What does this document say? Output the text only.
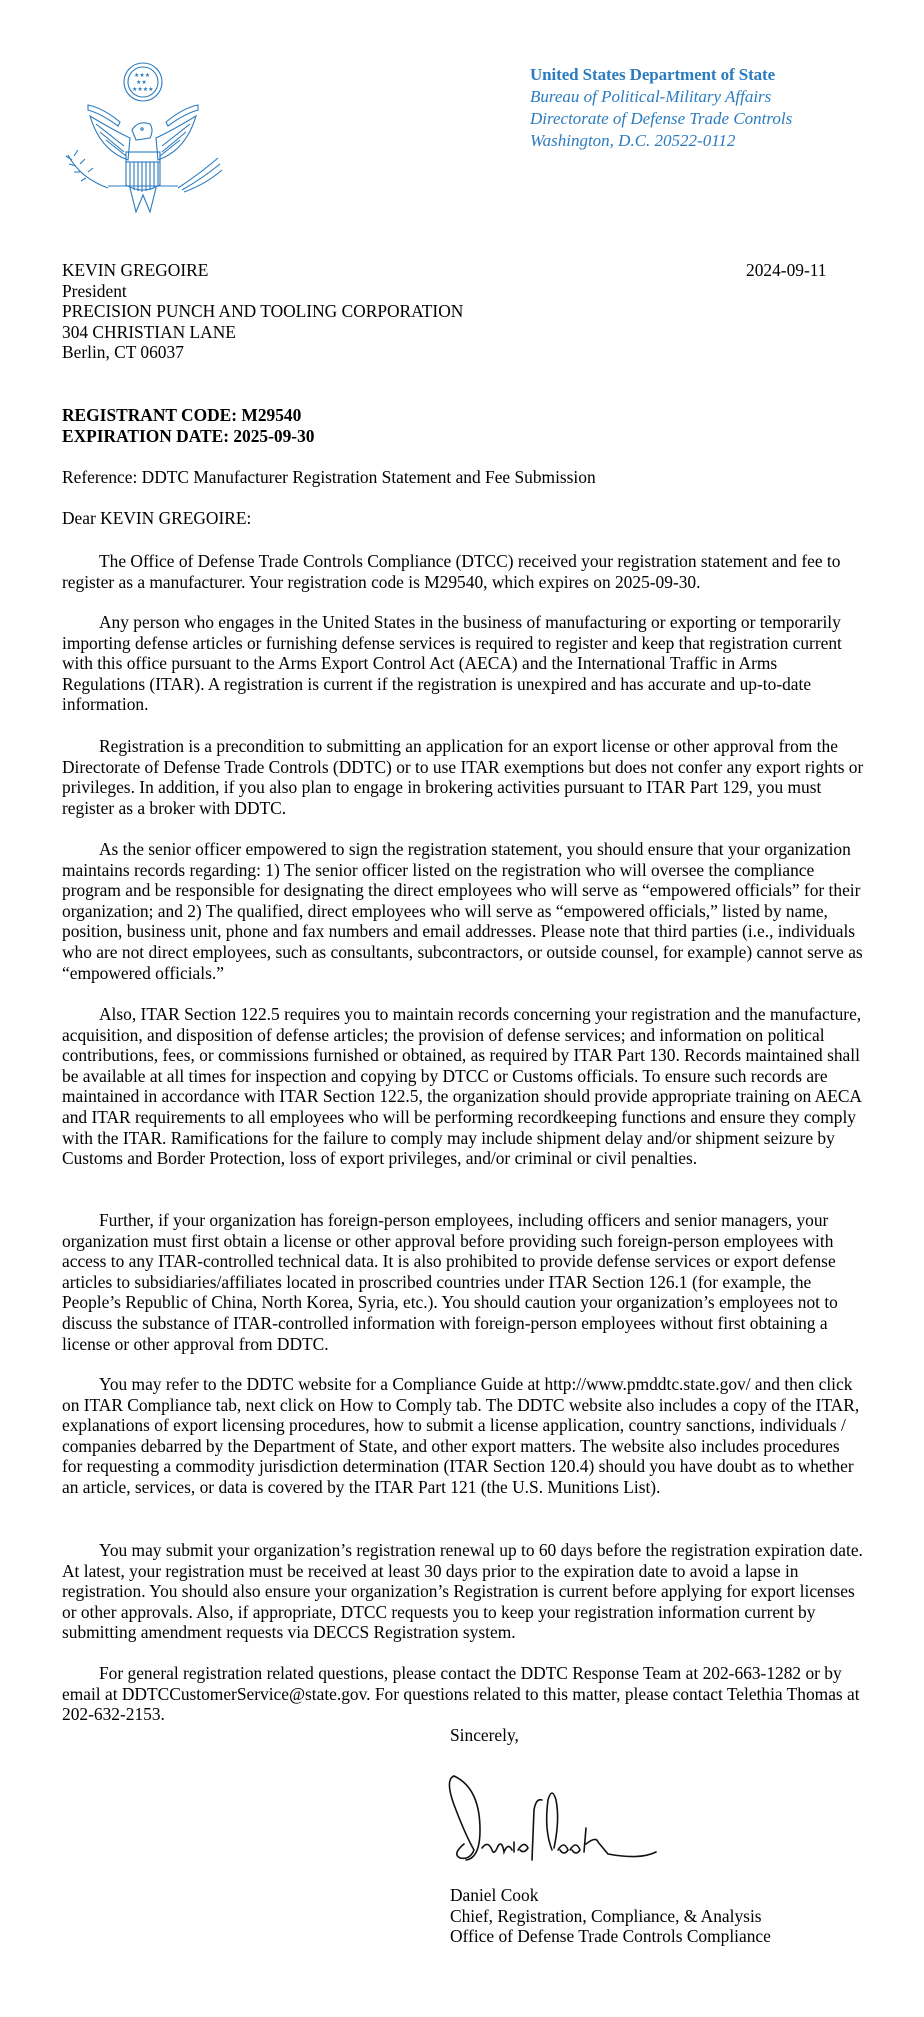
★★★
★★
★★★★
United States Department of State
Bureau of Political-Military Affairs
Directorate of Defense Trade Controls
Washington, D.C. 20522-0112
KEVIN GREGOIRE
President
PRECISION PUNCH AND TOOLING CORPORATION
304 CHRISTIAN LANE
Berlin, CT 06037
2024-09-11
REGISTRANT CODE: M29540
EXPIRATION DATE: 2025-09-30
Reference: DDTC Manufacturer Registration Statement and Fee Submission
Dear KEVIN GREGOIRE:

The Office of Defense Trade Controls Compliance (DTCC) received your registration statement and fee to register as a manufacturer. Your registration code is M29540, which expires on 2025-09-30.

Any person who engages in the United States in the business of manufacturing or exporting or temporarily importing defense articles or furnishing defense services is required to register and keep that registration current with this office pursuant to the Arms Export Control Act (AECA) and the International Traffic in Arms Regulations (ITAR). A registration is current if the registration is unexpired and has accurate and up-to-date information.

Registration is a precondition to submitting an application for an export license or other approval from the Directorate of Defense Trade Controls (DDTC) or to use ITAR exemptions but does not confer any export rights or privileges. In addition, if you also plan to engage in brokering activities pursuant to ITAR Part 129, you must register as a broker with DDTC.

As the senior officer empowered to sign the registration statement, you should ensure that your organization maintains records regarding: 1) The senior officer listed on the registration who will oversee the compliance program and be responsible for designating the direct employees who will serve as “empowered officials” for their organization; and 2) The qualified, direct employees who will serve as “empowered officials,” listed by name, position, business unit, phone and fax numbers and email addresses. Please note that third parties (i.e., individuals who are not direct employees, such as consultants, subcontractors, or outside counsel, for example) cannot serve as “empowered officials.”

Also, ITAR Section 122.5 requires you to maintain records concerning your registration and the manufacture, acquisition, and disposition of defense articles; the provision of defense services; and information on political contributions, fees, or commissions furnished or obtained, as required by ITAR Part 130. Records maintained shall be available at all times for inspection and copying by DTCC or Customs officials. To ensure such records are maintained in accordance with ITAR Section 122.5, the organization should provide appropriate training on AECA and ITAR requirements to all employees who will be performing recordkeeping functions and ensure they comply with the ITAR. Ramifications for the failure to comply may include shipment delay and/or shipment seizure by Customs and Border Protection, loss of export privileges, and/or criminal or civil penalties.

Further, if your organization has foreign-person employees, including officers and senior managers, your organization must first obtain a license or other approval before providing such foreign-person employees with access to any ITAR-controlled technical data. It is also prohibited to provide defense services or export defense articles to subsidiaries/affiliates located in proscribed countries under ITAR Section 126.1 (for example, the People’s Republic of China, North Korea, Syria, etc.). You should caution your organization’s employees not to discuss the substance of ITAR-controlled information with foreign-person employees without first obtaining a license or other approval from DDTC.

You may refer to the DDTC website for a Compliance Guide at http://www.pmddtc.state.gov/ and then click on ITAR Compliance tab, next click on How to Comply tab. The DDTC website also includes a copy of the ITAR, explanations of export licensing procedures, how to submit a license application, country sanctions, individuals / companies debarred by the Department of State, and other export matters. The website also includes procedures for requesting a commodity jurisdiction determination (ITAR Section 120.4) should you have doubt as to whether an article, services, or data is covered by the ITAR Part 121 (the U.S. Munitions List).

You may submit your organization’s registration renewal up to 60 days before the registration expiration date. At latest, your registration must be received at least 30 days prior to the expiration date to avoid a lapse in registration. You should also ensure your organization’s Registration is current before applying for export licenses or other approvals. Also, if appropriate, DTCC requests you to keep your registration information current by submitting amendment requests via DECCS Registration system.

For general registration related questions, please contact the DDTC Response Team at 202-663-1282 or by email at DDTCCustomerService@state.gov. For questions related to this matter, please contact Telethia Thomas at 202-632-2153.

Sincerely,
Daniel Cook
Chief, Registration, Compliance, & Analysis
Office of Defense Trade Controls Compliance
